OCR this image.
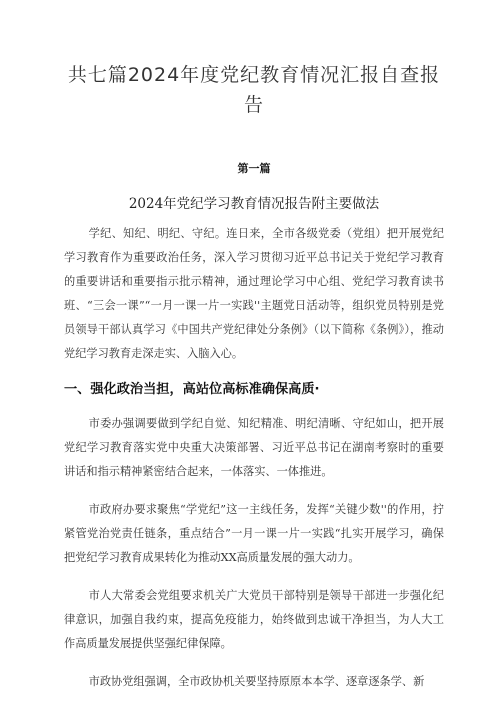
共七篇2024年度党纪教育情况汇报自查报告
第一篇
2024年党纪学习教育情况报告附主要做法

学纪、知纪、明纪、守纪。连日来，全市各级党委（党组）把开展党纪学习教育作为重要政治任务，深入学习贯彻习近平总书记关于党纪学习教育的重要讲话和重要指示批示精神，通过理论学习中心组、党纪学习教育读书班、“三会一课”“一月一课一片一实践''主题党日活动等，组织党员特别是党员领导干部认真学习《中国共产党纪律处分条例》（以下简称《条例》），推动党纪学习教育走深走实、入脑入心。

一、强化政治当担，高站位高标准确保高质·

市委办强调要做到学纪自觉、知纪精准、明纪清晰、守纪如山，把开展党纪学习教育落实党中央重大决策部署、习近平总书记在湖南考察时的重要讲话和指示精神紧密结合起来，一体落实、一体推进。

市政府办要求聚焦“学党纪”这一主线任务，发挥“关键少数''的作用，拧紧管党治党责任链条，重点结合”一月一课一片一实践“扎实开展学习，确保把党纪学习教育成果转化为推动XX高质量发展的强大动力。

市人大常委会党组要求机关广大党员干部特别是领导干部进一步强化纪律意识，加强自我约束，提高免疫能力，始终做到忠诚干净担当，为人大工作高质量发展提供坚强纪律保障。

市政协党组强调，全市政协机关要坚持原原本本学、逐章逐条学、新
